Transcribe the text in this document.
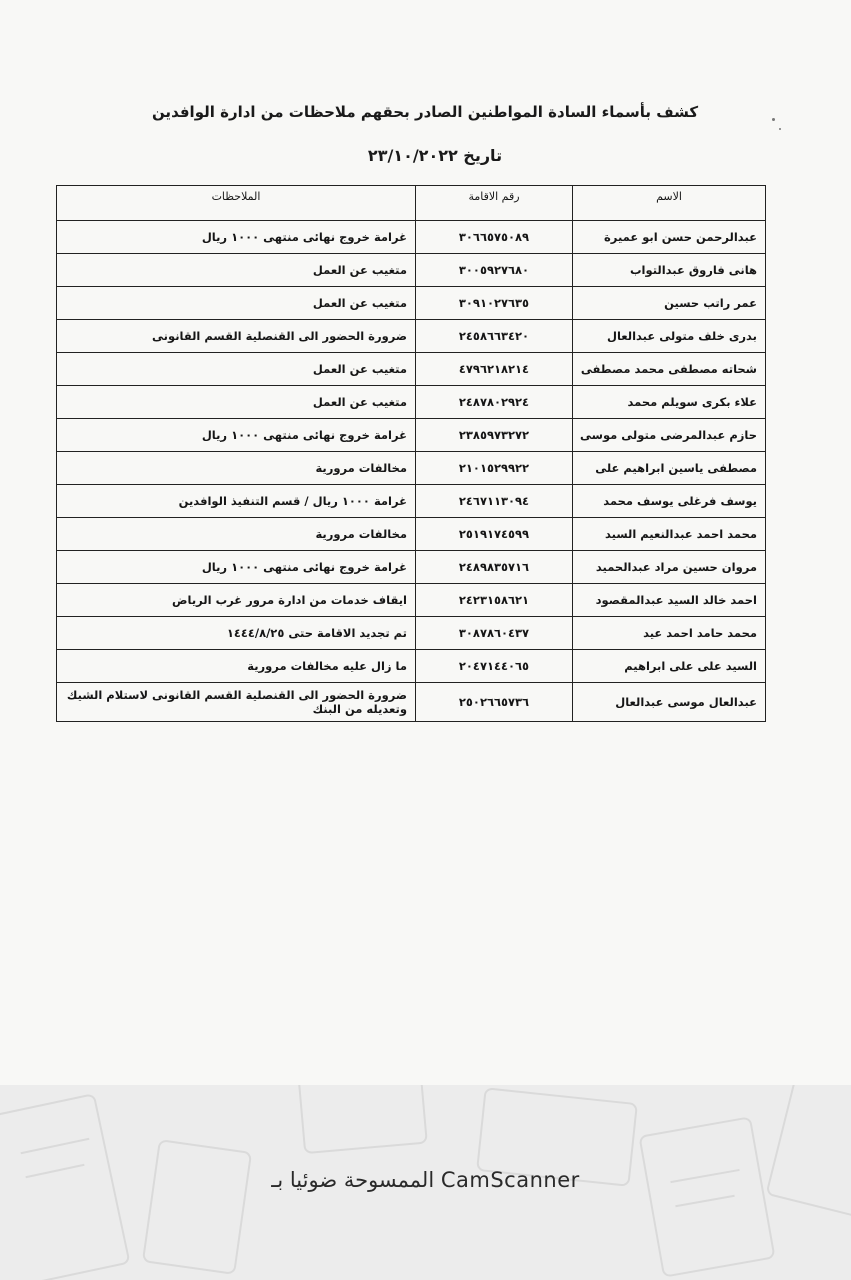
كشف بأسماء السادة المواطنين الصادر بحقهم ملاحظات من ادارة الوافدين
تاريخ ٢٣/١٠/٢٠٢٢
الاسم	رقم الاقامة	الملاحظات
عبدالرحمن حسن ابو عميرة	٣٠٦٦٥٧٥٠٨٩	غرامة خروج نهائى منتهى ١٠٠٠ ريال
هانى فاروق عبدالتواب	٣٠٠٥٩٢٧٦٨٠	متغيب عن العمل
عمر راتب حسين	٣٠٩١٠٢٧٦٣٥	متغيب عن العمل
بدرى خلف متولى عبدالعال	٢٤٥٨٦٦٣٤٢٠	ضرورة الحضور الى القنصلية القسم القانونى
شحاته مصطفى محمد مصطفى	٤٧٩٦٢١٨٢١٤	متغيب عن العمل
علاء بكرى سويلم محمد	٢٤٨٧٨٠٢٩٢٤	متغيب عن العمل
حازم عبدالمرضى متولى موسى	٢٣٨٥٩٧٣٢٧٢	غرامة خروج نهائى منتهى ١٠٠٠ ريال
مصطفى ياسين ابراهيم على	٢١٠١٥٢٩٩٢٢	مخالفات مرورية
يوسف فرغلى يوسف محمد	٢٤٦٧١١٣٠٩٤	غرامة ١٠٠٠ ريال / قسم التنفيذ الوافدين
محمد احمد عبدالنعيم السيد	٢٥١٩١٧٤٥٩٩	مخالفات مرورية
مروان حسين مراد عبدالحميد	٢٤٨٩٨٣٥٧١٦	غرامة خروج نهائى منتهى ١٠٠٠ ريال
احمد خالد السيد عبدالمقصود	٢٤٢٣١٥٨٦٢١	ايقاف خدمات من ادارة مرور غرب الرياض
محمد حامد احمد عيد	٣٠٨٧٨٦٠٤٣٧	تم تجديد الاقامة حتى ١٤٤٤/٨/٢٥
السيد على على ابراهيم	٢٠٤٧١٤٤٠٦٥	ما زال عليه مخالفات مرورية
عبدالعال موسى عبدالعال	٢٥٠٢٦٦٥٧٣٦	ضرورة الحضور الى القنصلية القسم القانونى لاستلام الشيك وتعديله من البنك
الممسوحة ضوئيا بـ CamScanner
